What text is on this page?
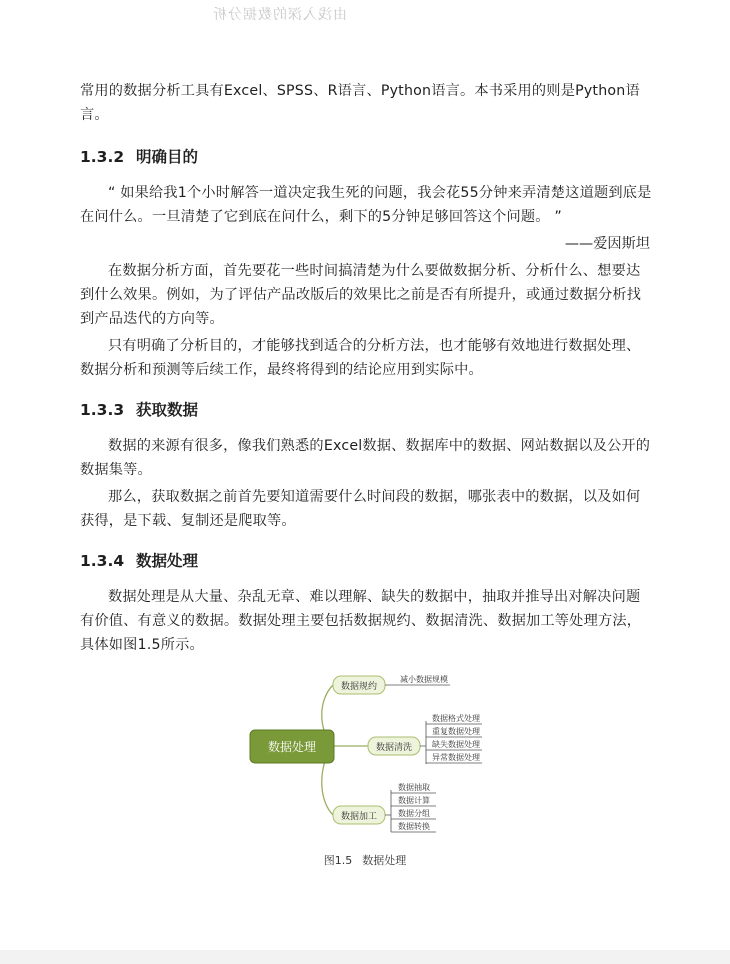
由浅入深的数据分析

常用的数据分析工具有Excel、SPSS、R语言、Python语言。本书采用的则是Python语言。

1.3.2 明确目的

“ 如果给我1个小时解答一道决定我生死的问题，我会花55分钟来弄清楚这道题到底是在问什么。一旦清楚了它到底在问什么，剩下的5分钟足够回答这个问题。 ”

——爱因斯坦

在数据分析方面，首先要花一些时间搞清楚为什么要做数据分析、分析什么、想要达到什么效果。例如，为了评估产品改版后的效果比之前是否有所提升，或通过数据分析找到产品迭代的方向等。

只有明确了分析目的，才能够找到适合的分析方法，也才能够有效地进行数据处理、数据分析和预测等后续工作，最终将得到的结论应用到实际中。

1.3.3 获取数据

数据的来源有很多，像我们熟悉的Excel数据、数据库中的数据、网站数据以及公开的数据集等。

那么，获取数据之前首先要知道需要什么时间段的数据，哪张表中的数据，以及如何获得，是下载、复制还是爬取等。

1.3.4 数据处理

数据处理是从大量、杂乱无章、难以理解、缺失的数据中，抽取并推导出对解决问题有价值、有意义的数据。数据处理主要包括数据规约、数据清洗、数据加工等处理方法，具体如图1.5所示。

数据处理
数据规约
减小数据规模
数据清洗
数据格式处理
重复数据处理
缺失数据处理
异常数据处理
数据加工
数据抽取
数据计算
数据分组
数据转换
图1.5 数据处理
